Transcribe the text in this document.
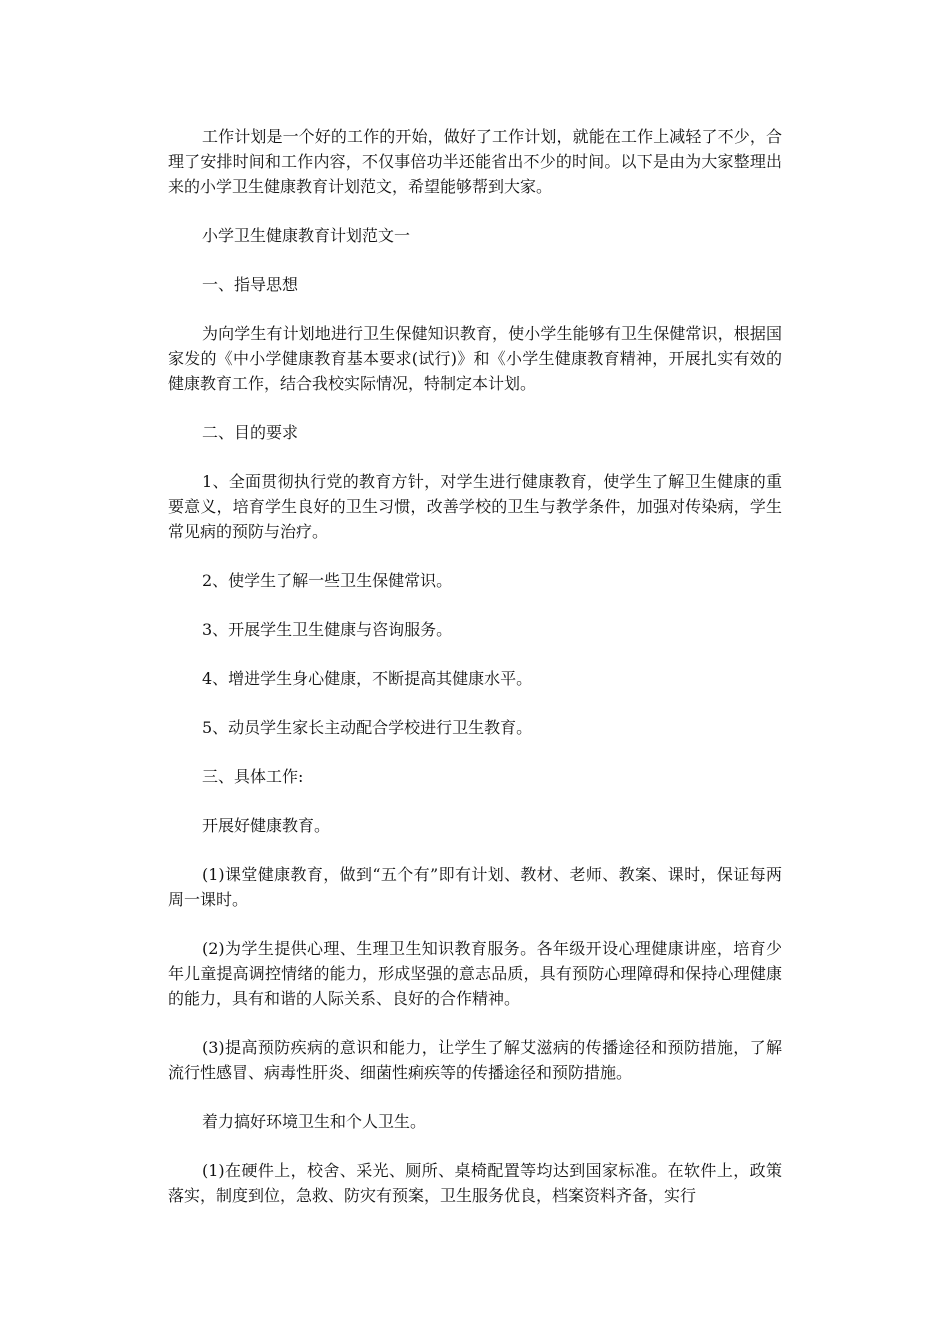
工作计划是一个好的工作的开始，做好了工作计划，就能在工作上减轻了不少，合理了安排时间和工作内容，不仅事倍功半还能省出不少的时间。以下是由为大家整理出来的小学卫生健康教育计划范文，希望能够帮到大家。

小学卫生健康教育计划范文一

一、指导思想

为向学生有计划地进行卫生保健知识教育，使小学生能够有卫生保健常识，根据国家发的《中小学健康教育基本要求(试行)》和《小学生健康教育精神，开展扎实有效的健康教育工作，结合我校实际情况，特制定本计划。

二、目的要求

1、全面贯彻执行党的教育方针，对学生进行健康教育，使学生了解卫生健康的重要意义，培育学生良好的卫生习惯，改善学校的卫生与教学条件，加强对传染病，学生常见病的预防与治疗。

2、使学生了解一些卫生保健常识。

3、开展学生卫生健康与咨询服务。

4、增进学生身心健康，不断提高其健康水平。

5、动员学生家长主动配合学校进行卫生教育。

三、具体工作:

开展好健康教育。

(1)课堂健康教育，做到“五个有”即有计划、教材、老师、教案、课时，保证每两周一课时。

(2)为学生提供心理、生理卫生知识教育服务。各年级开设心理健康讲座，培育少年儿童提高调控情绪的能力，形成坚强的意志品质，具有预防心理障碍和保持心理健康的能力，具有和谐的人际关系、良好的合作精神。

(3)提高预防疾病的意识和能力，让学生了解艾滋病的传播途径和预防措施，了解流行性感冒、病毒性肝炎、细菌性痢疾等的传播途径和预防措施。

着力搞好环境卫生和个人卫生。

(1)在硬件上，校舍、采光、厕所、桌椅配置等均达到国家标准。在软件上，政策落实，制度到位，急救、防灾有预案，卫生服务优良，档案资料齐备，实行
